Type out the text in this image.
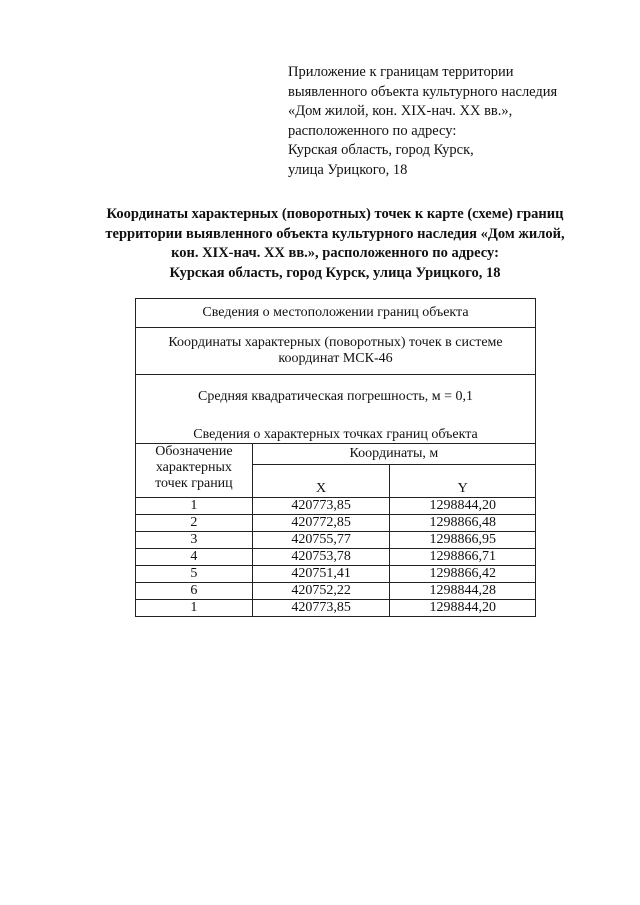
Приложение к границам территории
выявленного объекта культурного наследия
«Дом жилой, кон. XIX-нач. XX вв.»,
расположенного по адресу:
Курская область, город Курск,
улица Урицкого, 18
Координаты характерных (поворотных) точек к карте (схеме) границ
территории выявленного объекта культурного наследия «Дом жилой,
кон. XIX-нач. XX вв.», расположенного по адресу:
Курская область, город Курск, улица Урицкого, 18
Сведения о местоположении границ объекта		

Координаты характерных (поворотных) точек в системе
координат МСК-46		

Средняя квадратическая погрешность, м = 0,1
Сведения о характерных точках границ объекта		

Обозначение
характерных
точек границ	Координаты, м	
	X	Y
1	420773,85	1298844,20
2	420772,85	1298866,48
3	420755,77	1298866,95
4	420753,78	1298866,71
5	420751,41	1298866,42
6	420752,22	1298844,28
1	420773,85	1298844,20
